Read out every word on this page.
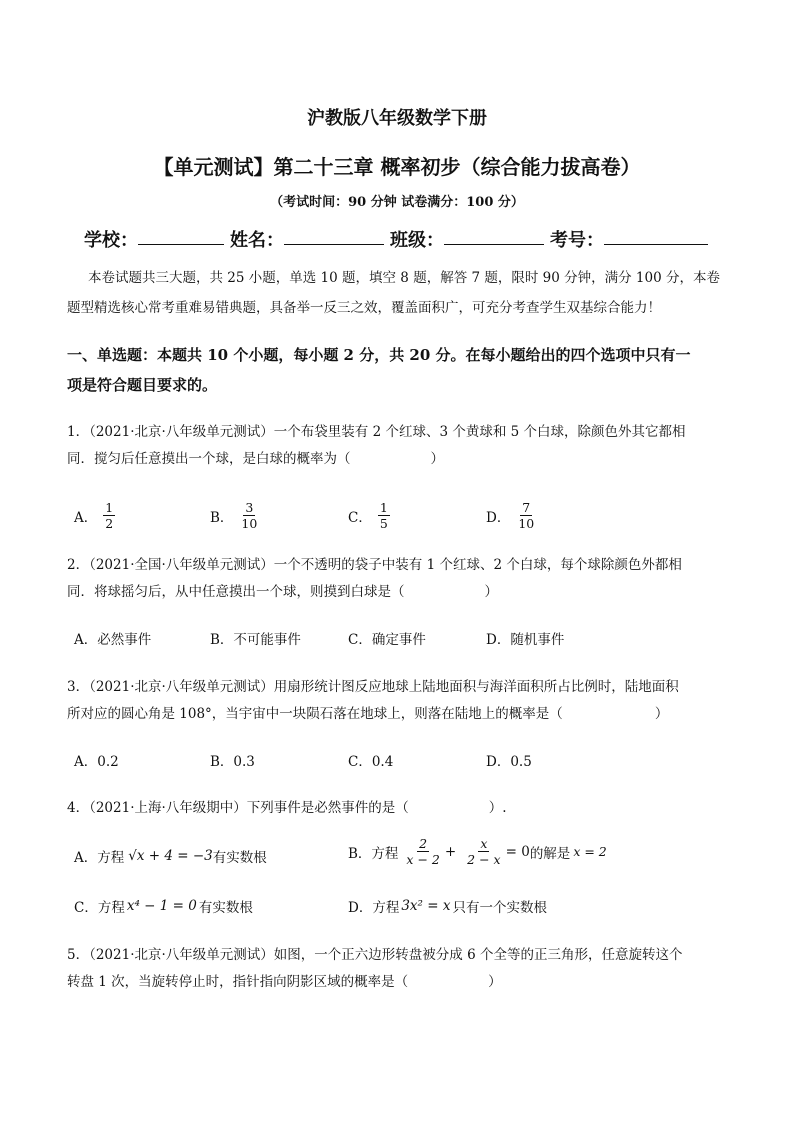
沪教版八年级数学下册
【单元测试】第二十三章 概率初步（综合能力拔高卷）
（考试时间：90 分钟 试卷满分：100 分）
学校：	姓名：	班级：	考号：
本卷试题共三大题，共 25 小题，单选 10 题，填空 8 题，解答 7 题，限时 90 分钟，满分 100 分，本卷
题型精选核心常考重难易错典题，具备举一反三之效，覆盖面积广，可充分考查学生双基综合能力！
一、单选题：本题共 10 个小题，每小题 2 分，共 20 分。在每小题给出的四个选项中只有一
项是符合题目要求的。
1．（2021·北京·八年级单元测试）一个布袋里装有 2 个红球、3 个黄球和 5 个白球，除颜色外其它都相
同．搅匀后任意摸出一个球，是白球的概率为（	）
A． $\frac{1}{2}$	B． $\frac{3}{10}$	C． $\frac{1}{5}$	D． $\frac{7}{10}$
2．（2021·全国·八年级单元测试）一个不透明的袋子中装有 1 个红球、2 个白球，每个球除颜色外都相
同．将球摇匀后，从中任意摸出一个球，则摸到白球是（	）
A．必然事件	B．不可能事件	C．确定事件	D．随机事件
3．（2021·北京·八年级单元测试）用扇形统计图反应地球上陆地面积与海洋面积所占比例时，陆地面积
所对应的圆心角是 108°，当宇宙中一块陨石落在地球上，则落在陆地上的概率是（	）
A．0.2	B．0.3	C．0.4	D．0.5
4．（2021·上海·八年级期中）下列事件是必然事件的是（	）.
A．方程 √x + 4 = −3 有实数根	B．方程 $\frac{2}{x - 2} + \frac{x}{2 - x} = 0$ 的解是 x = 2
C．方程 x⁴ − 1 = 0 有实数根	D．方程 3x² = x 只有一个实数根
5．（2021·北京·八年级单元测试）如图，一个正六边形转盘被分成 6 个全等的正三角形，任意旋转这个
转盘 1 次，当旋转停止时，指针指向阴影区域的概率是（	）
